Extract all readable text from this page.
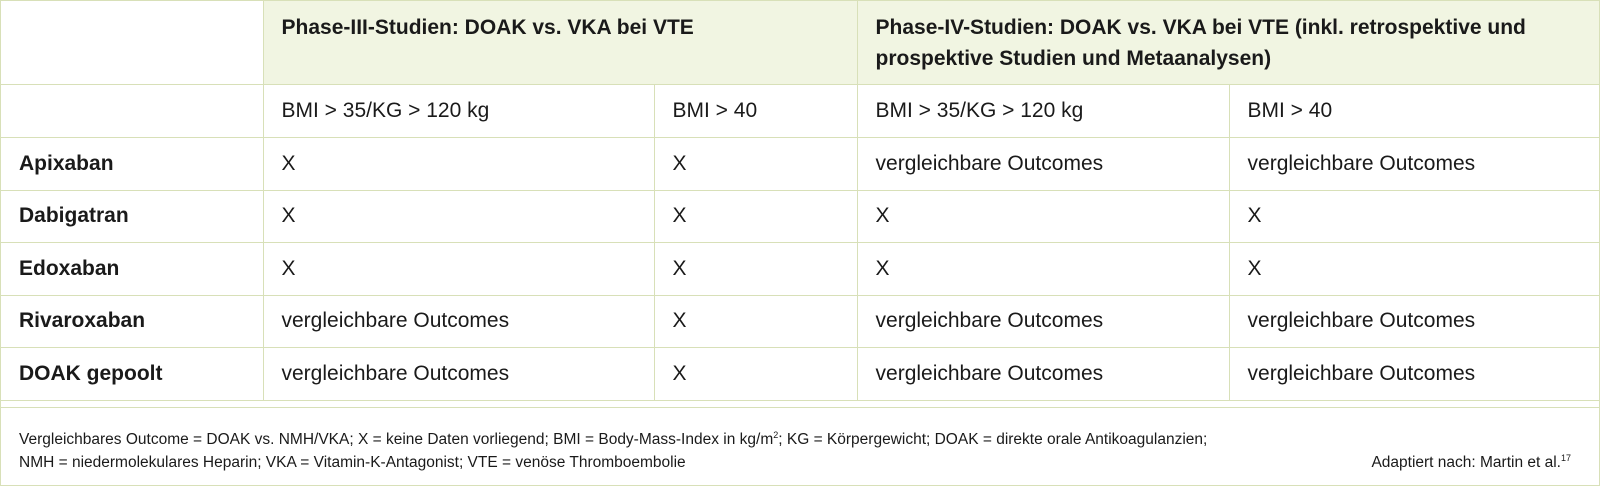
	Phase-III-Studien: DOAK vs. VKA bei VTE		Phase-IV-Studien: DOAK vs. VKA bei VTE (inkl. retrospektive und prospektive Studien und Metaanalysen)	
	BMI > 35/KG > 120 kg	BMI > 40	BMI > 35/KG > 120 kg	BMI > 40
Apixaban	X	X	vergleichbare Outcomes	vergleichbare Outcomes
Dabigatran	X	X	X	X
Edoxaban	X	X	X	X
Rivaroxaban	vergleichbare Outcomes	X	vergleichbare Outcomes	vergleichbare Outcomes
DOAK gepoolt	vergleichbare Outcomes	X	vergleichbare Outcomes	vergleichbare Outcomes
Vergleichbares Outcome = DOAK vs. NMH/VKA; X = keine Daten vorliegend; BMI = Body-Mass-Index in $kg/m^2$; KG = Körpergewicht; DOAK = direkte orale Antikoagulanzien;
NMH = niedermolekulares Heparin; VKA = Vitamin-K-Antagonist; VTE = venöse Thromboembolie	Adaptiert nach: Martin et al.$^{17}$
